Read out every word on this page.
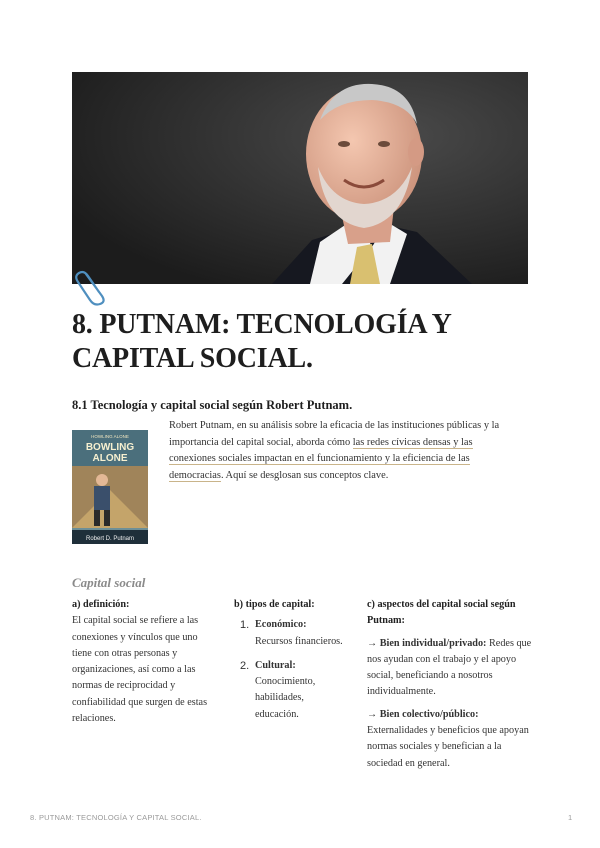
8. PUTNAM: TECNOLOGÍA Y CAPITAL SOCIAL.
8.1 Tecnología y capital social según Robert Putnam.
HOWLING ALONE
BOWLING
ALONE
Robert D. Putnam

Robert Putnam, en su análisis sobre la eficacia de las instituciones públicas y la importancia del capital social, aborda cómo las redes cívicas densas y las conexiones sociales impactan en el funcionamiento y la eficiencia de las democracias. Aquí se desglosan sus conceptos clave.

Capital social

a) definición:

El capital social se refiere a las conexiones y vínculos que uno tiene con otras personas y organizaciones, así como a las normas de reciprocidad y confiabilidad que surgen de estas relaciones.

b) tipos de capital:

1. Económico:
Recursos financieros.
2. Cultural:
Conocimiento, habilidades, educación.

c) aspectos del capital social según Putnam:

→ Bien individual/privado: Redes que nos ayudan con el trabajo y el apoyo social, beneficiando a nosotros individualmente.

→ Bien colectivo/público: Externalidades y beneficios que apoyan normas sociales y benefician a la sociedad en general.

8. PUTNAM: TECNOLOGÍA Y CAPITAL SOCIAL.	1
